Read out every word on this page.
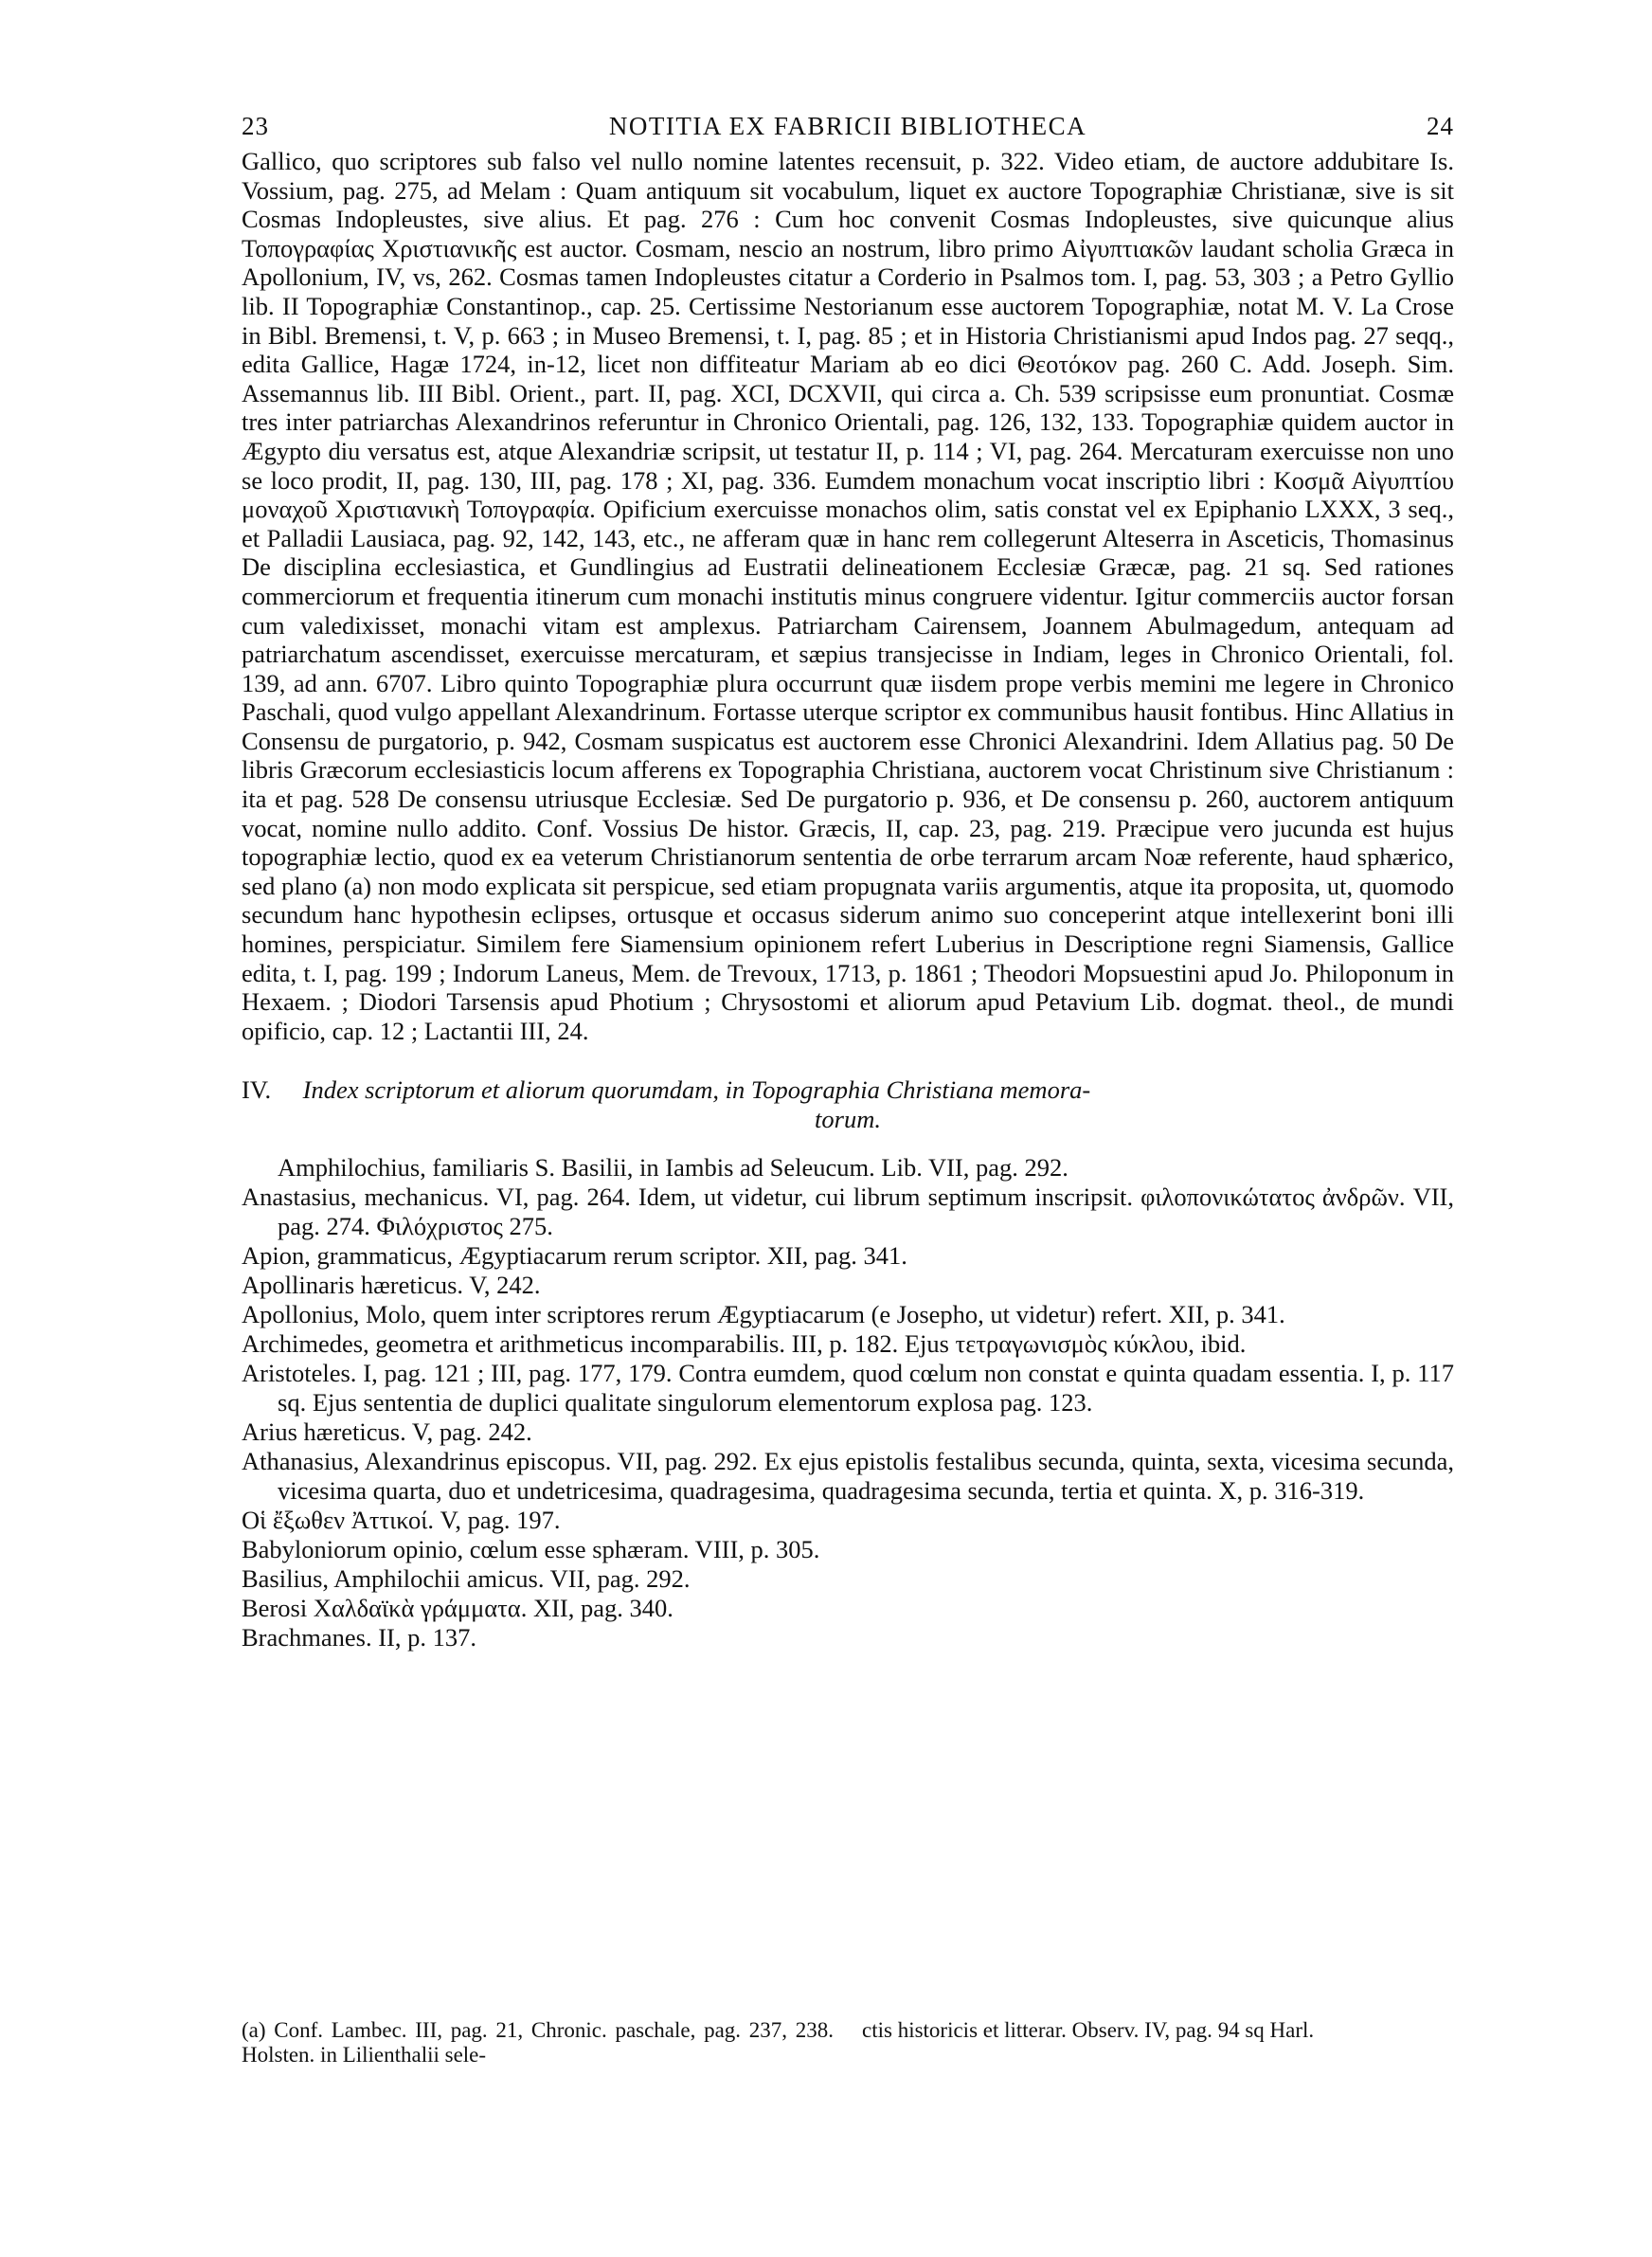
23	NOTITIA EX FABRICII BIBLIOTHECA	24

Gallico, quo scriptores sub falso vel nullo nomine latentes recensuit, p. 322. Video etiam, de auctore addubitare Is. Vossium, pag. 275, ad Melam : Quam antiquum sit vocabulum, liquet ex auctore Topographiæ Christianæ, sive is sit Cosmas Indopleustes, sive alius. Et pag. 276 : Cum hoc convenit Cosmas Indopleustes, sive quicunque alius Τοπογραφίας Χριστιανικῆς est auctor. Cosmam, nescio an nostrum, libro primo Αἰγυπτιακῶν laudant scholia Græca in Apollonium, IV, vs, 262. Cosmas tamen Indopleustes citatur a Corderio in Psalmos tom. I, pag. 53, 303 ; a Petro Gyllio lib. II Topographiæ Constantinop., cap. 25. Certissime Nestorianum esse auctorem Topographiæ, notat M. V. La Crose in Bibl. Bremensi, t. V, p. 663 ; in Museo Bremensi, t. I, pag. 85 ; et in Historia Christianismi apud Indos pag. 27 seqq., edita Gallice, Hagæ 1724, in-12, licet non diffiteatur Mariam ab eo dici Θεοτόκον pag. 260 C. Add. Joseph. Sim. Assemannus lib. III Bibl. Orient., part. II, pag. XCI, DCXVII, qui circa a. Ch. 539 scripsisse eum pronuntiat. Cosmæ tres inter patriarchas Alexandrinos referuntur in Chronico Orientali, pag. 126, 132, 133. Topographiæ quidem auctor in Ægypto diu versatus est, atque Alexandriæ scripsit, ut testatur II, p. 114 ; VI, pag. 264. Mercaturam exercuisse non uno se loco prodit, II, pag. 130, III, pag. 178 ; XI, pag. 336. Eumdem monachum vocat inscriptio libri : Κοσμᾶ Αἰγυπτίου μοναχοῦ Χριστιανικὴ Τοπογραφία. Opificium exercuisse monachos olim, satis constat vel ex Epiphanio LXXX, 3 seq., et Palladii Lausiaca, pag. 92, 142, 143, etc., ne afferam quæ in hanc rem collegerunt Alteserra in Asceticis, Thomasinus De disciplina ecclesiastica, et Gundlingius ad Eustratii delineationem Ecclesiæ Græcæ, pag. 21 sq. Sed rationes commerciorum et frequentia itinerum cum monachi institutis minus congruere videntur. Igitur commerciis auctor forsan cum valedixisset, monachi vitam est amplexus. Patriarcham Cairensem, Joannem Abulmagedum, antequam ad patriarchatum ascendisset, exercuisse mercaturam, et sæpius transjecisse in Indiam, leges in Chronico Orientali, fol. 139, ad ann. 6707. Libro quinto Topographiæ plura occurrunt quæ iisdem prope verbis memini me legere in Chronico Paschali, quod vulgo appellant Alexandrinum. Fortasse uterque scriptor ex communibus hausit fontibus. Hinc Allatius in Consensu de purgatorio, p. 942, Cosmam suspicatus est auctorem esse Chronici Alexandrini. Idem Allatius pag. 50 De libris Græcorum ecclesiasticis locum afferens ex Topographia Christiana, auctorem vocat Christinum sive Christianum : ita et pag. 528 De consensu utriusque Ecclesiæ. Sed De purgatorio p. 936, et De consensu p. 260, auctorem antiquum vocat, nomine nullo addito. Conf. Vossius De histor. Græcis, II, cap. 23, pag. 219. Præcipue vero jucunda est hujus topographiæ lectio, quod ex ea veterum Christianorum sententia de orbe terrarum arcam Noæ referente, haud sphærico, sed plano (a) non modo explicata sit perspicue, sed etiam propugnata variis argumentis, atque ita proposita, ut, quomodo secundum hanc hypothesin eclipses, ortusque et occasus siderum animo suo conceperint atque intellexerint boni illi homines, perspiciatur. Similem fere Siamensium opinionem refert Luberius in Descriptione regni Siamensis, Gallice edita, t. I, pag. 199 ; Indorum Laneus, Mem. de Trevoux, 1713, p. 1861 ; Theodori Mopsuestini apud Jo. Philoponum in Hexaem. ; Diodori Tarsensis apud Photium ; Chrysostomi et aliorum apud Petavium Lib. dogmat. theol., de mundi opificio, cap. 12 ; Lactantii III, 24.

IV. Index scriptorum et aliorum quorumdam, in Topographia Christiana memora-
torum.
Amphilochius, familiaris S. Basilii, in Iambis ad Seleucum. Lib. VII, pag. 292.
Anastasius, mechanicus. VI, pag. 264. Idem, ut videtur, cui librum septimum inscripsit. φιλοπονικώτατος ἀνδρῶν. VII, pag. 274. Φιλόχριστος 275.
Apion, grammaticus, Ægyptiacarum rerum scriptor. XII, pag. 341.
Apollinaris hæreticus. V, 242.
Apollonius, Molo, quem inter scriptores rerum Ægyptiacarum (e Josepho, ut videtur) refert. XII, p. 341.
Archimedes, geometra et arithmeticus incomparabilis. III, p. 182. Ejus τετραγωνισμὸς κύκλου, ibid.
Aristoteles. I, pag. 121 ; III, pag. 177, 179. Contra eumdem, quod cœlum non constat e quinta quadam essentia. I, p. 117 sq. Ejus sententia de duplici qualitate singulorum elementorum explosa pag. 123.
Arius hæreticus. V, pag. 242.
Athanasius, Alexandrinus episcopus. VII, pag. 292. Ex ejus epistolis festalibus secunda, quinta, sexta, vicesima secunda, vicesima quarta, duo et undetricesima, quadragesima, quadragesima secunda, tertia et quinta. X, p. 316-319.
Οἱ ἔξωθεν Ἀττικοί. V, pag. 197.
Babyloniorum opinio, cœlum esse sphæram. VIII, p. 305.
Basilius, Amphilochii amicus. VII, pag. 292.
Berosi Χαλδαϊκὰ γράμματα. XII, pag. 340.
Brachmanes. II, p. 137.
(a) Conf. Lambec. III, pag. 21, Chronic. paschale, pag. 237, 238. Holsten. in Lilienthalii sele-
ctis historicis et litterar. Observ. IV, pag. 94 sq Harl.
